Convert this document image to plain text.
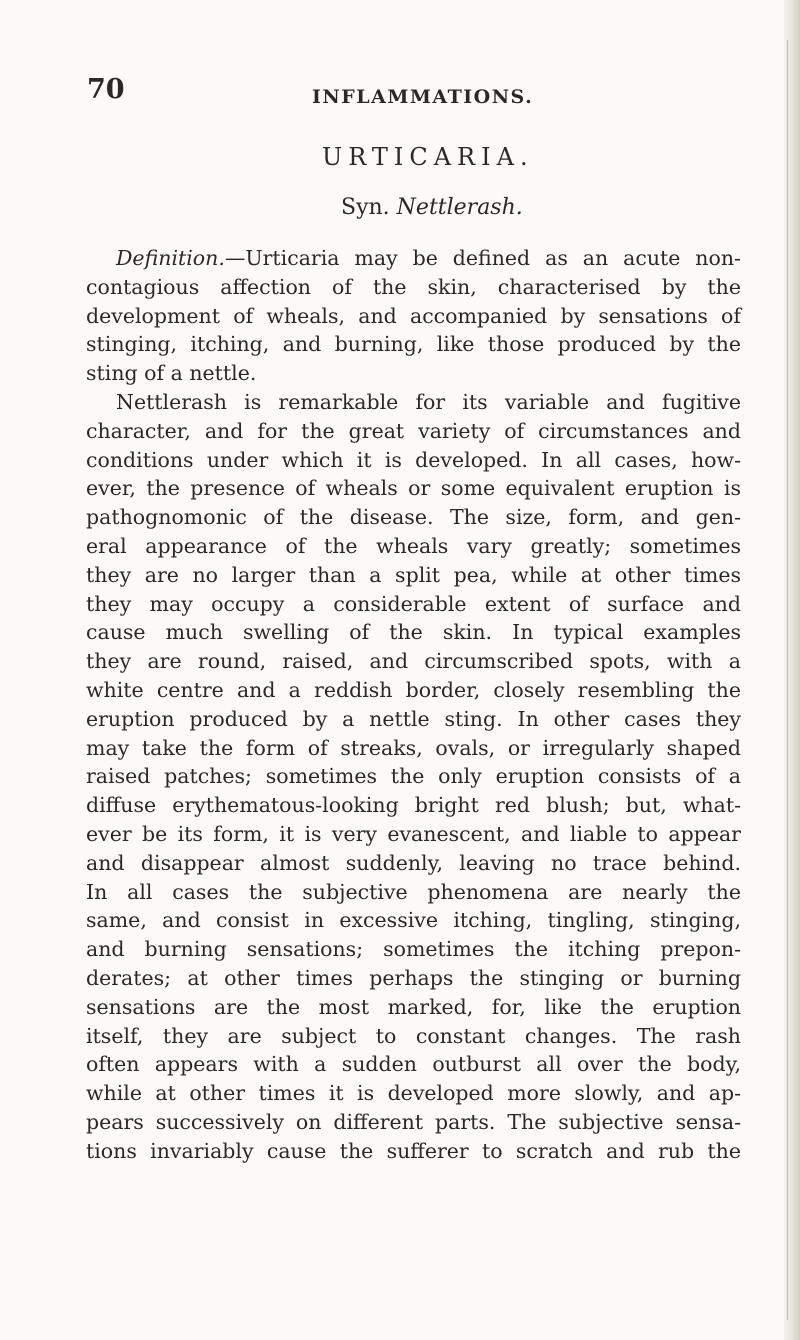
70	INFLAMMATIONS.
URTICARIA.
Syn. Nettlerash.
Definition.—Urticaria may be defined as an acute non-
contagious affection of the skin, characterised by the
development of wheals, and accompanied by sensations of
stinging, itching, and burning, like those produced by the
sting of a nettle.
Nettlerash is remarkable for its variable and fugitive
character, and for the great variety of circumstances and
conditions under which it is developed. In all cases, how-
ever, the presence of wheals or some equivalent eruption is
pathognomonic of the disease. The size, form, and gen-
eral appearance of the wheals vary greatly; sometimes
they are no larger than a split pea, while at other times
they may occupy a considerable extent of surface and
cause much swelling of the skin. In typical examples
they are round, raised, and circumscribed spots, with a
white centre and a reddish border, closely resembling the
eruption produced by a nettle sting. In other cases they
may take the form of streaks, ovals, or irregularly shaped
raised patches; sometimes the only eruption consists of a
diffuse erythematous-looking bright red blush; but, what-
ever be its form, it is very evanescent, and liable to appear
and disappear almost suddenly, leaving no trace behind.
In all cases the subjective phenomena are nearly the
same, and consist in excessive itching, tingling, stinging,
and burning sensations; sometimes the itching prepon-
derates; at other times perhaps the stinging or burning
sensations are the most marked, for, like the eruption
itself, they are subject to constant changes. The rash
often appears with a sudden outburst all over the body,
while at other times it is developed more slowly, and ap-
pears successively on different parts. The subjective sensa-
tions invariably cause the sufferer to scratch and rub the
